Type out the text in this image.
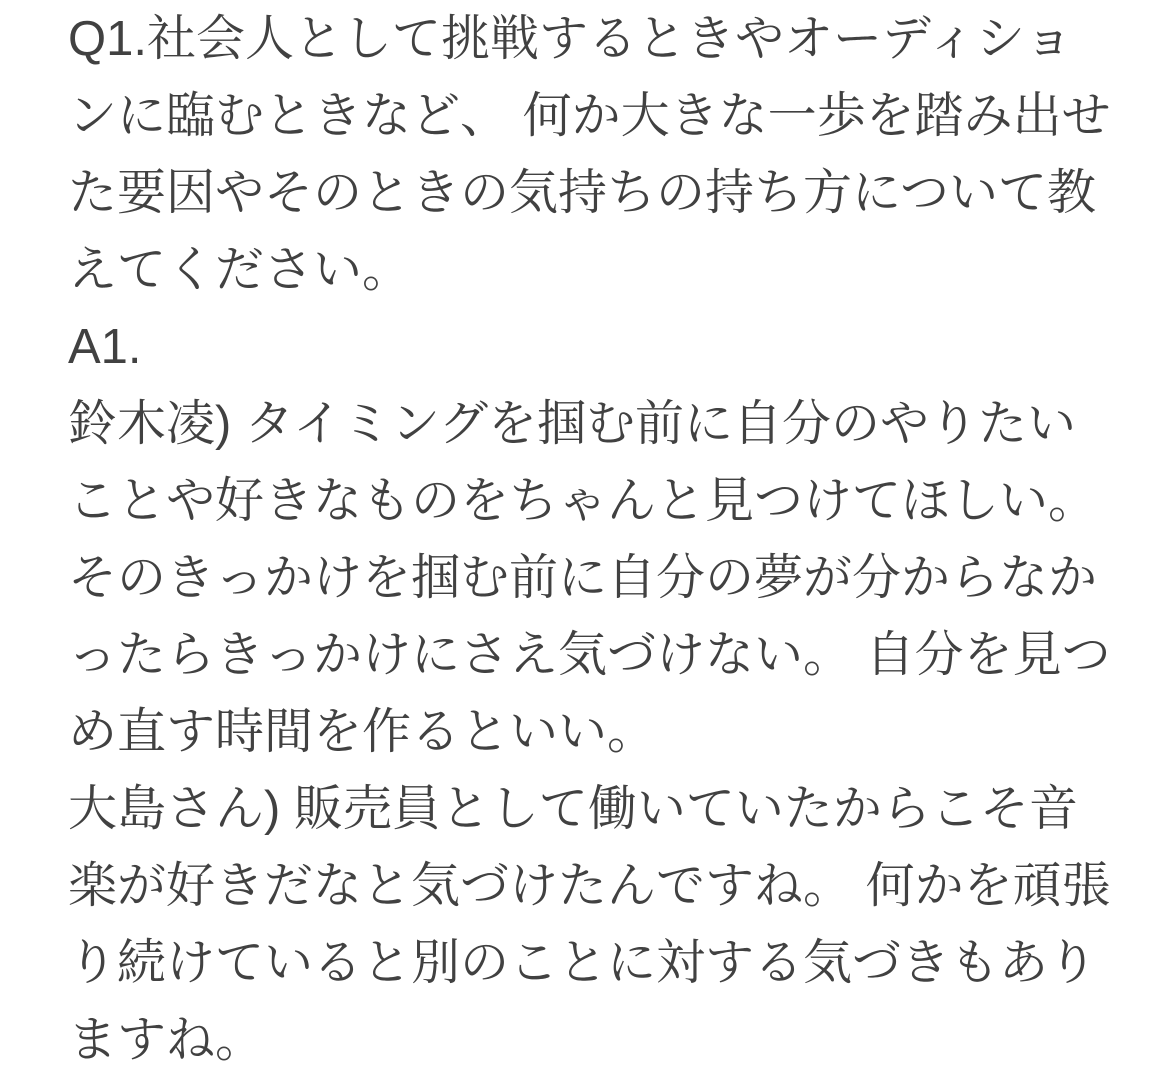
Q1.社会人として挑戦するときやオーディショ
ンに臨むときなど、 何か大きな一歩を踏み出せ
た要因やそのときの気持ちの持ち方について教
えてください。
A1.
鈴木凌) タイミングを掴む前に自分のやりたい
ことや好きなものをちゃんと見つけてほしい。
そのきっかけを掴む前に自分の夢が分からなか
ったらきっかけにさえ気づけない。 自分を見つ
め直す時間を作るといい。
大島さん) 販売員として働いていたからこそ音
楽が好きだなと気づけたんですね。 何かを頑張
り続けていると別のことに対する気づきもあり
ますね。
